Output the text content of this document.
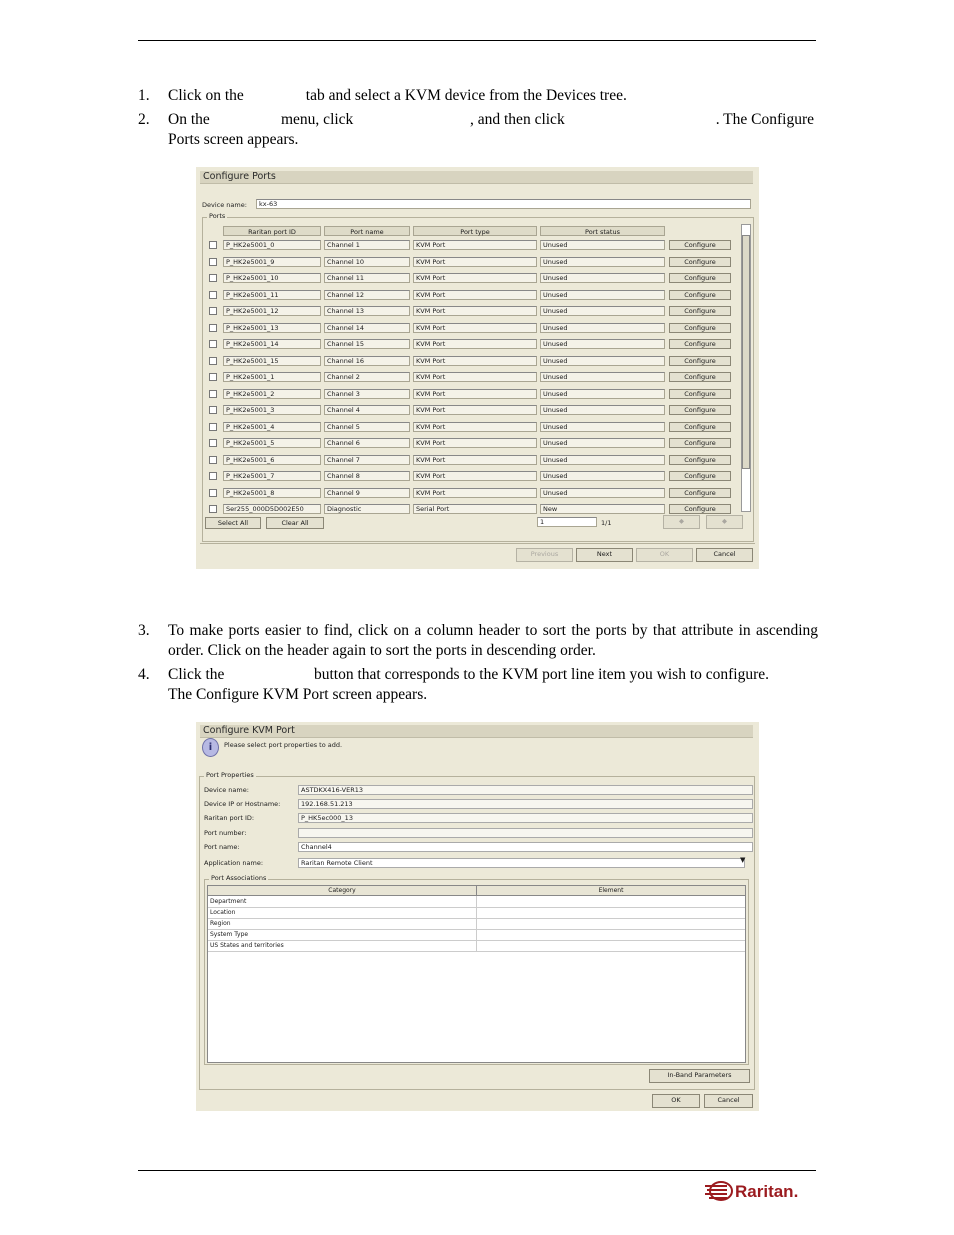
1. Click on the	tab and select a KVM device from the Devices tree.
2. On the	menu, click	, and then click	. The Configure
Ports screen appears.
Configure Ports
Device name:	kx-63
Ports
Raritan port ID	Port name	Port type	Port status
P_HK2e5001_0	Channel 1	KVM Port	Unused	Configure
P_HK2e5001_9	Channel 10	KVM Port	Unused	Configure
P_HK2e5001_10	Channel 11	KVM Port	Unused	Configure
P_HK2e5001_11	Channel 12	KVM Port	Unused	Configure
P_HK2e5001_12	Channel 13	KVM Port	Unused	Configure
P_HK2e5001_13	Channel 14	KVM Port	Unused	Configure
P_HK2e5001_14	Channel 15	KVM Port	Unused	Configure
P_HK2e5001_15	Channel 16	KVM Port	Unused	Configure
P_HK2e5001_1	Channel 2	KVM Port	Unused	Configure
P_HK2e5001_2	Channel 3	KVM Port	Unused	Configure
P_HK2e5001_3	Channel 4	KVM Port	Unused	Configure
P_HK2e5001_4	Channel 5	KVM Port	Unused	Configure
P_HK2e5001_5	Channel 6	KVM Port	Unused	Configure
P_HK2e5001_6	Channel 7	KVM Port	Unused	Configure
P_HK2e5001_7	Channel 8	KVM Port	Unused	Configure
P_HK2e5001_8	Channel 9	KVM Port	Unused	Configure
Ser255_000D5D002E50	Diagnostic	Serial Port	New	Configure
Select All	Clear All	1	1/1	◆	◆
Previous	Next	OK	Cancel
3. To make ports easier to find, click on a column header to sort the ports by that attribute in ascending order. Click on the header again to sort the ports in descending order.
4. Click the	button that corresponds to the KVM port line item you wish to configure.
The Configure KVM Port screen appears.
Configure KVM Port
i	Please select port properties to add.
Port Properties
Device name:	ASTDKX416-VER13
Device IP or Hostname:	192.168.51.213
Raritan port ID:	P_HK5ec000_13
Port number:
Port name:	Channel4
Application name:	Raritan Remote Client	▼
Port Associations
Category	Element
Department
Location
Region
System Type
US States and territories
In-Band Parameters
OK	Cancel
Raritan.
